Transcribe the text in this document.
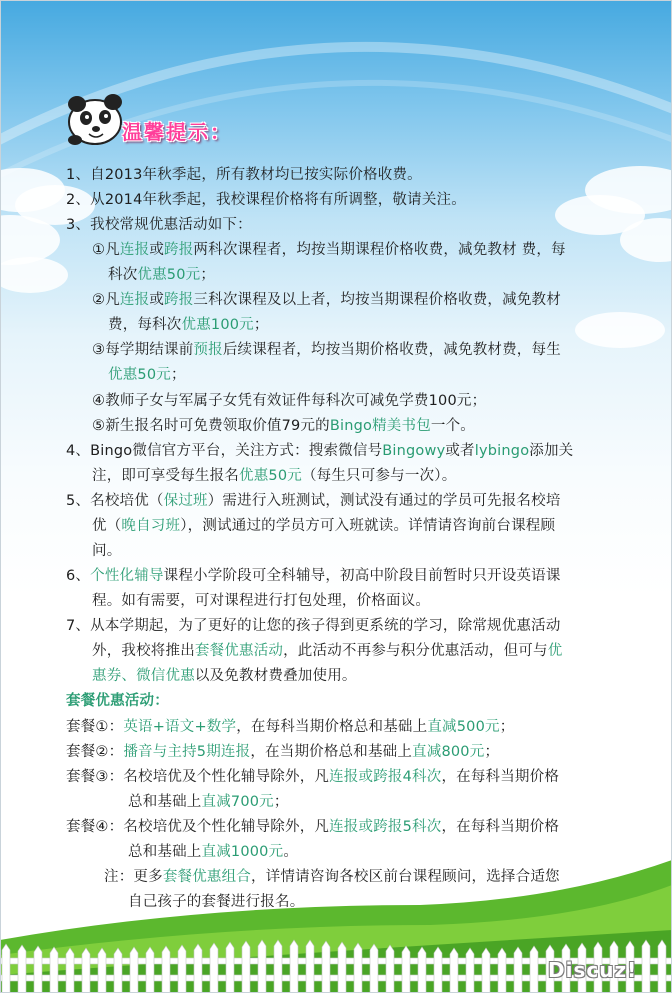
温馨提示：
1、自2013年秋季起，所有教材均已按实际价格收费。
2、从2014年秋季起，我校课程价格将有所调整，敬请关注。
3、我校常规优惠活动如下：
①凡连报或跨报两科次课程者，均按当期课程价格收费，减免教材 费，每
科次优惠50元；
②凡连报或跨报三科次课程及以上者，均按当期课程价格收费，减免教材
费，每科次优惠100元；
③每学期结课前预报后续课程者，均按当期价格收费，减免教材费，每生
优惠50元；
④教师子女与军属子女凭有效证件每科次可减免学费100元；
⑤新生报名时可免费领取价值79元的Bingo精美书包一个。
4、Bingo微信官方平台，关注方式：搜索微信号Bingowy或者lybingo添加关
注，即可享受每生报名优惠50元（每生只可参与一次）。
5、名校培优（保过班）需进行入班测试，测试没有通过的学员可先报名校培
优（晚自习班），测试通过的学员方可入班就读。详情请咨询前台课程顾
问。
6、个性化辅导课程小学阶段可全科辅导，初高中阶段目前暂时只开设英语课
程。如有需要，可对课程进行打包处理，价格面议。
7、从本学期起，为了更好的让您的孩子得到更系统的学习，除常规优惠活动
外，我校将推出套餐优惠活动，此活动不再参与积分优惠活动，但可与优
惠券、微信优惠以及免教材费叠加使用。
套餐优惠活动：
套餐①：英语+语文+数学，在每科当期价格总和基础上直减500元；
套餐②：播音与主持5期连报，在当期价格总和基础上直减800元；
套餐③：名校培优及个性化辅导除外，凡连报或跨报4科次，在每科当期价格
总和基础上直减700元；
套餐④：名校培优及个性化辅导除外，凡连报或跨报5科次，在每科当期价格
总和基础上直减1000元。
注：更多套餐优惠组合，详情请咨询各校区前台课程顾问，选择合适您
自己孩子的套餐进行报名。
Discuz!
